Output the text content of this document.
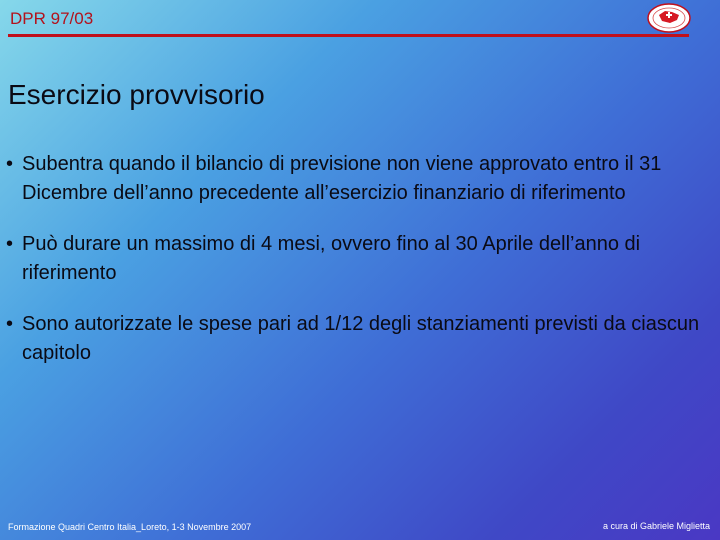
DPR 97/03
Esercizio provvisorio
• Subentra quando il bilancio di previsione non viene approvato entro il 31 Dicembre dell’anno precedente all’esercizio finanziario di riferimento
• Può durare un massimo di 4 mesi, ovvero fino al 30 Aprile dell’anno di riferimento
• Sono autorizzate le spese pari ad 1/12 degli stanziamenti previsti da ciascun capitolo
Formazione Quadri Centro Italia_Loreto, 1-3 Novembre 2007	a cura di Gabriele Miglietta
